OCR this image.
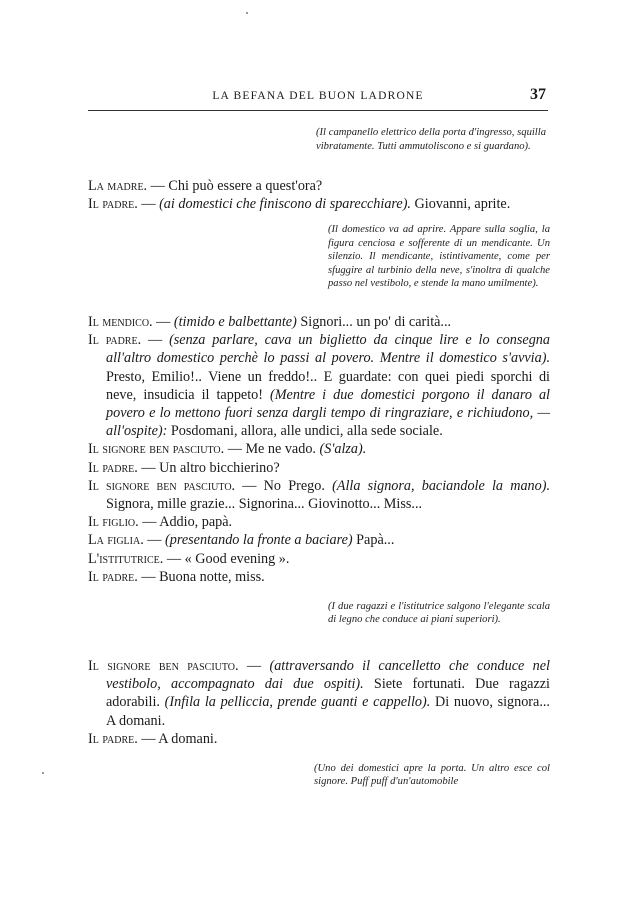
LA BEFANA DEL BUON LADRONE	37
(Il campanello elettrico della porta d'ingresso, squilla vibratamente. Tutti ammutoliscono e si guardano).
La madre. — Chi può essere a quest'ora?
Il padre. — (ai domestici che finiscono di sparecchiare). Giovanni, aprite.
(Il domestico va ad aprire. Appare sulla soglia, la figura cenciosa e sofferente di un mendicante. Un silenzio. Il mendicante, istintivamente, come per sfuggire al turbinio della neve, s'inoltra di qualche passo nel vestibolo, e stende la mano umilmente).
Il mendico. — (timido e balbettante) Signori... un po' di carità...
Il padre. — (senza parlare, cava un biglietto da cinque lire e lo consegna all'altro domestico perchè lo passi al povero. Mentre il domestico s'avvia). Presto, Emilio!.. Viene un freddo!.. E guardate: con quei piedi sporchi di neve, insudicia il tappeto! (Mentre i due domestici porgono il danaro al povero e lo mettono fuori senza dargli tempo di ringraziare, e richiudono, — all'ospite): Posdomani, allora, alle undici, alla sede sociale.
Il signore ben pasciuto. — Me ne vado. (S'alza).
Il padre. — Un altro bicchierino?
Il signore ben pasciuto. — No Prego. (Alla signora, baciandole la mano). Signora, mille grazie... Signorina... Giovinotto... Miss...
Il figlio. — Addio, papà.
La figlia. — (presentando la fronte a baciare) Papà...
L'istitutrice. — « Good evening ».
Il padre. — Buona notte, miss.
(I due ragazzi e l'istitutrice salgono l'elegante scala di legno che conduce ai piani superiori).
Il signore ben pasciuto. — (attraversando il cancelletto che conduce nel vestibolo, accompagnato dai due ospiti). Siete fortunati. Due ragazzi adorabili. (Infila la pelliccia, prende guanti e cappello). Di nuovo, signora... A domani.
Il padre. — A domani.
(Uno dei domestici apre la porta. Un altro esce col signore. Puff puff d'un'automobile
